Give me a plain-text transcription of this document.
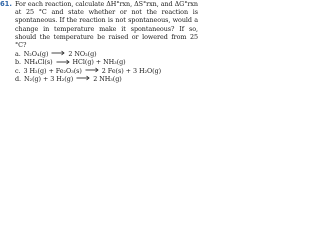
61. For each reaction, calculate ΔH°rxn, ΔS°rxn, and ΔG°rxn at 25 °C and state whether or not the reaction is spontaneous. If the reaction is not spontaneous, would a change in temperature make it spontaneous? If so, should the temperature be raised or lowered from 25 °C?
a. N₂O₄(g)	2 NO₂(g)
b. NH₄Cl(s)	HCl(g) + NH₃(g)
c. 3 H₂(g) + Fe₂O₃(s)	2 Fe(s) + 3 H₂O(g)
d. N₂(g) + 3 H₂(g)	2 NH₃(g)
